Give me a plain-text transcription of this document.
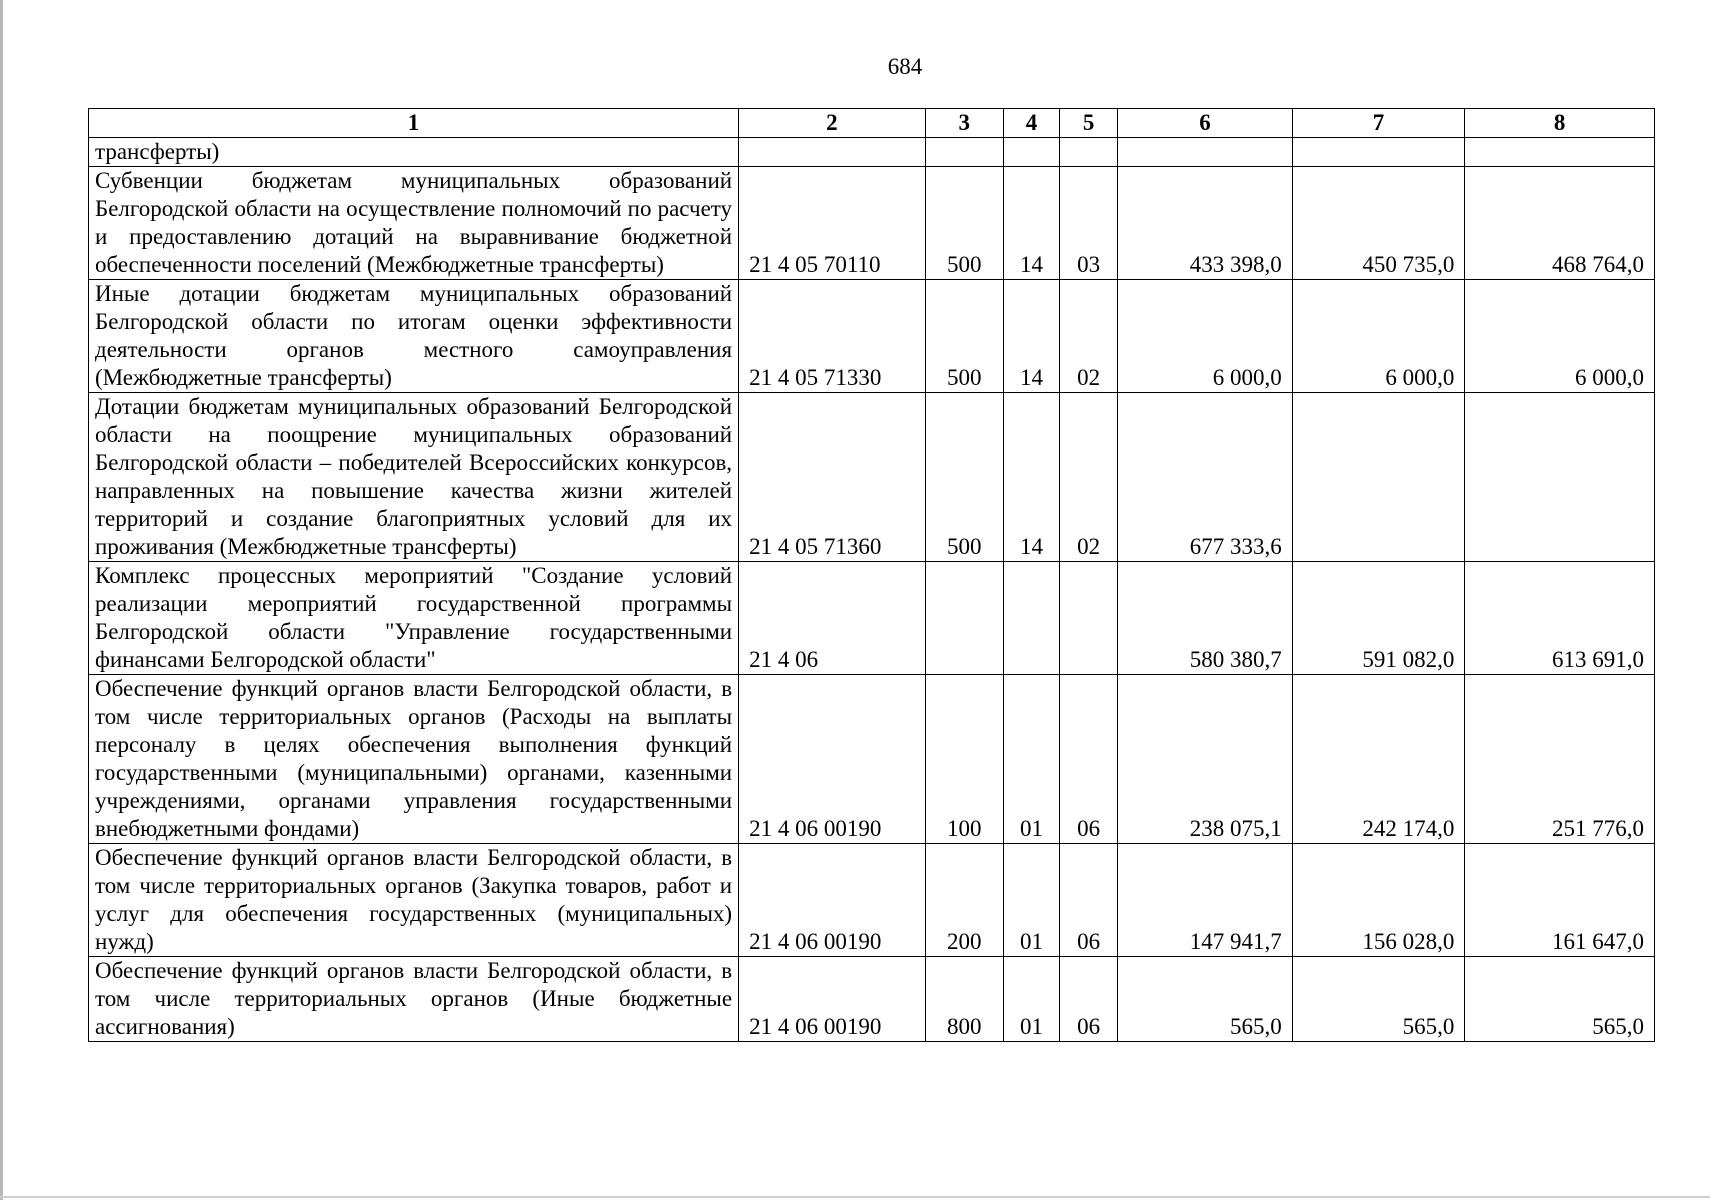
684
1	2	3	4	5	6	7	8
трансферты)							
Субвенции бюджетам муниципальных образований Белгородской области на осуществление полномочий по расчету и предоставлению дотаций на выравнивание бюджетной обеспеченности поселений (Межбюджетные трансферты)	21 4 05 70110	500	14	03	433 398,0	450 735,0	468 764,0
Иные дотации бюджетам муниципальных образований Белгородской области по итогам оценки эффективности деятельности органов местного самоуправления (Межбюджетные трансферты)	21 4 05 71330	500	14	02	6 000,0	6 000,0	6 000,0
Дотации бюджетам муниципальных образований Белгородской области на поощрение муниципальных образований Белгородской области – победителей Всероссийских конкурсов, направленных на повышение качества жизни жителей территорий и создание благоприятных условий для их проживания (Межбюджетные трансферты)	21 4 05 71360	500	14	02	677 333,6		
Комплекс процессных мероприятий "Создание условий реализации мероприятий государственной программы Белгородской области "Управление государственными финансами Белгородской области"	21 4 06				580 380,7	591 082,0	613 691,0
Обеспечение функций органов власти Белгородской области, в том числе территориальных органов (Расходы на выплаты персоналу в целях обеспечения выполнения функций государственными (муниципальными) органами, казенными учреждениями, органами управления государственными внебюджетными фондами)	21 4 06 00190	100	01	06	238 075,1	242 174,0	251 776,0
Обеспечение функций органов власти Белгородской области, в том числе территориальных органов (Закупка товаров, работ и услуг для обеспечения государственных (муниципальных) нужд)	21 4 06 00190	200	01	06	147 941,7	156 028,0	161 647,0
Обеспечение функций органов власти Белгородской области, в том числе территориальных органов (Иные бюджетные ассигнования)	21 4 06 00190	800	01	06	565,0	565,0	565,0
